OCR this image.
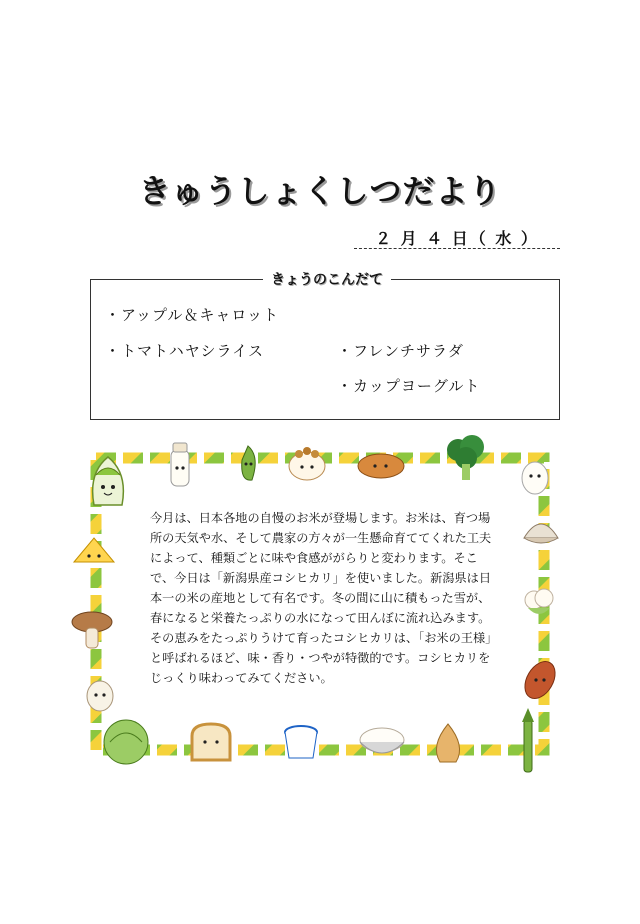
きゅうしょくしつだより
２ 月 ４ 日（ 水 ）
きょうのこんだて
・アップル＆キャロット
・トマトハヤシライス	・フレンチサラダ
・カップヨーグルト
今月は、日本各地の自慢のお米が登場します。お米は、育つ場所の天気や水、そして農家の方々が一生懸命育ててくれた工夫によって、種類ごとに味や食感ががらりと変わります。そこで、今日は「新潟県産コシヒカリ」を使いました。新潟県は日本一の米の産地として有名です。冬の間に山に積もった雪が、春になると栄養たっぷりの水になって田んぼに流れ込みます。その恵みをたっぷりうけて育ったコシヒカリは、「お米の王様」と呼ばれるほど、味・香り・つやが特徴的です。コシヒカリをじっくり味わってみてください。
